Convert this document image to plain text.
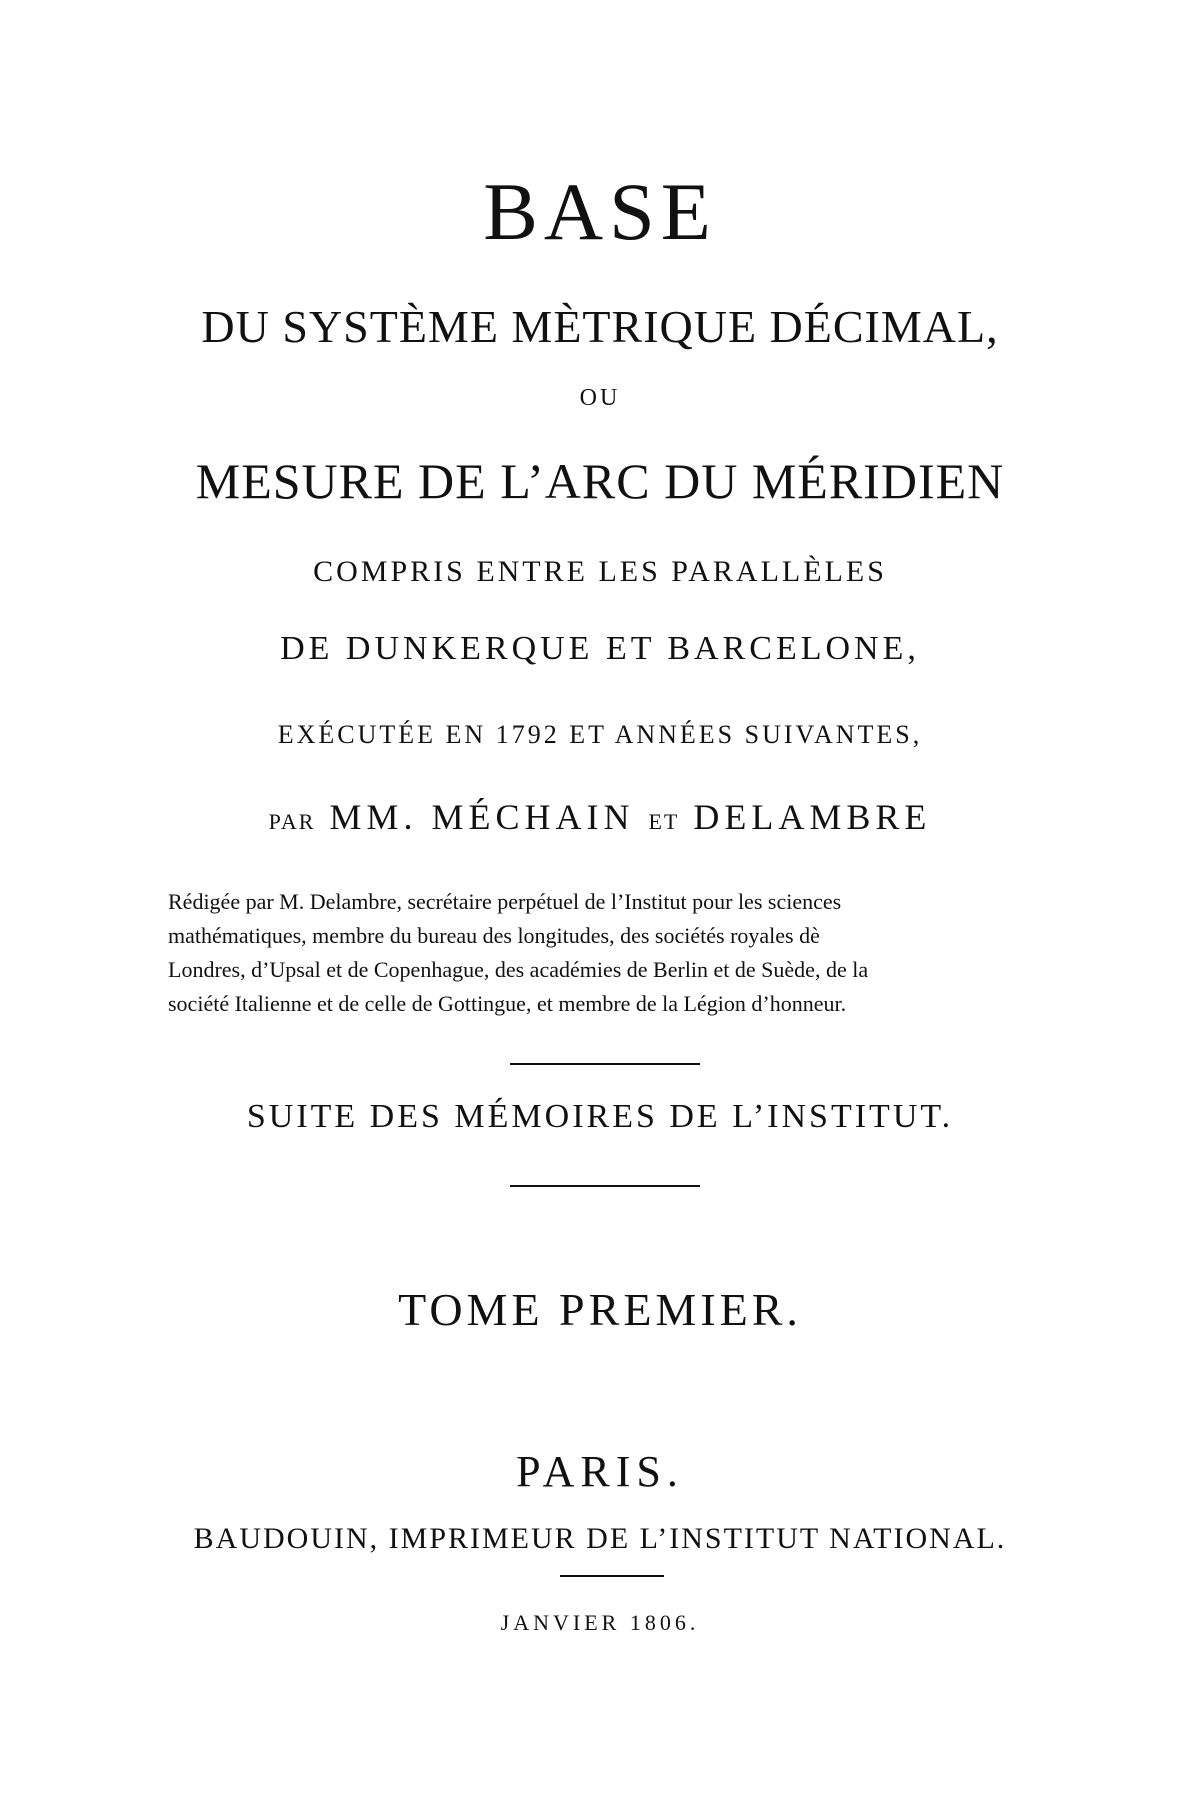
BASE
DU SYSTÈME MÈTRIQUE DÉCIMAL,
OU
MESURE DE L’ARC DU MÉRIDIEN
COMPRIS ENTRE LES PARALLÈLES
DE DUNKERQUE ET BARCELONE,
EXÉCUTÉE EN 1792 ET ANNÉES SUIVANTES,
PAR MM. MÉCHAIN ET DELAMBRE
Rédigée par M. Delambre, secrétaire perpétuel de l’Institut pour les sciences
mathématiques, membre du bureau des longitudes, des sociétés royales dè
Londres, d’Upsal et de Copenhague, des académies de Berlin et de Suède, de la
société Italienne et de celle de Gottingue, et membre de la Légion d’honneur.
SUITE DES MÉMOIRES DE L’INSTITUT.
TOME PREMIER.
PARIS.
BAUDOUIN, IMPRIMEUR DE L’INSTITUT NATIONAL.
JANVIER 1806.
